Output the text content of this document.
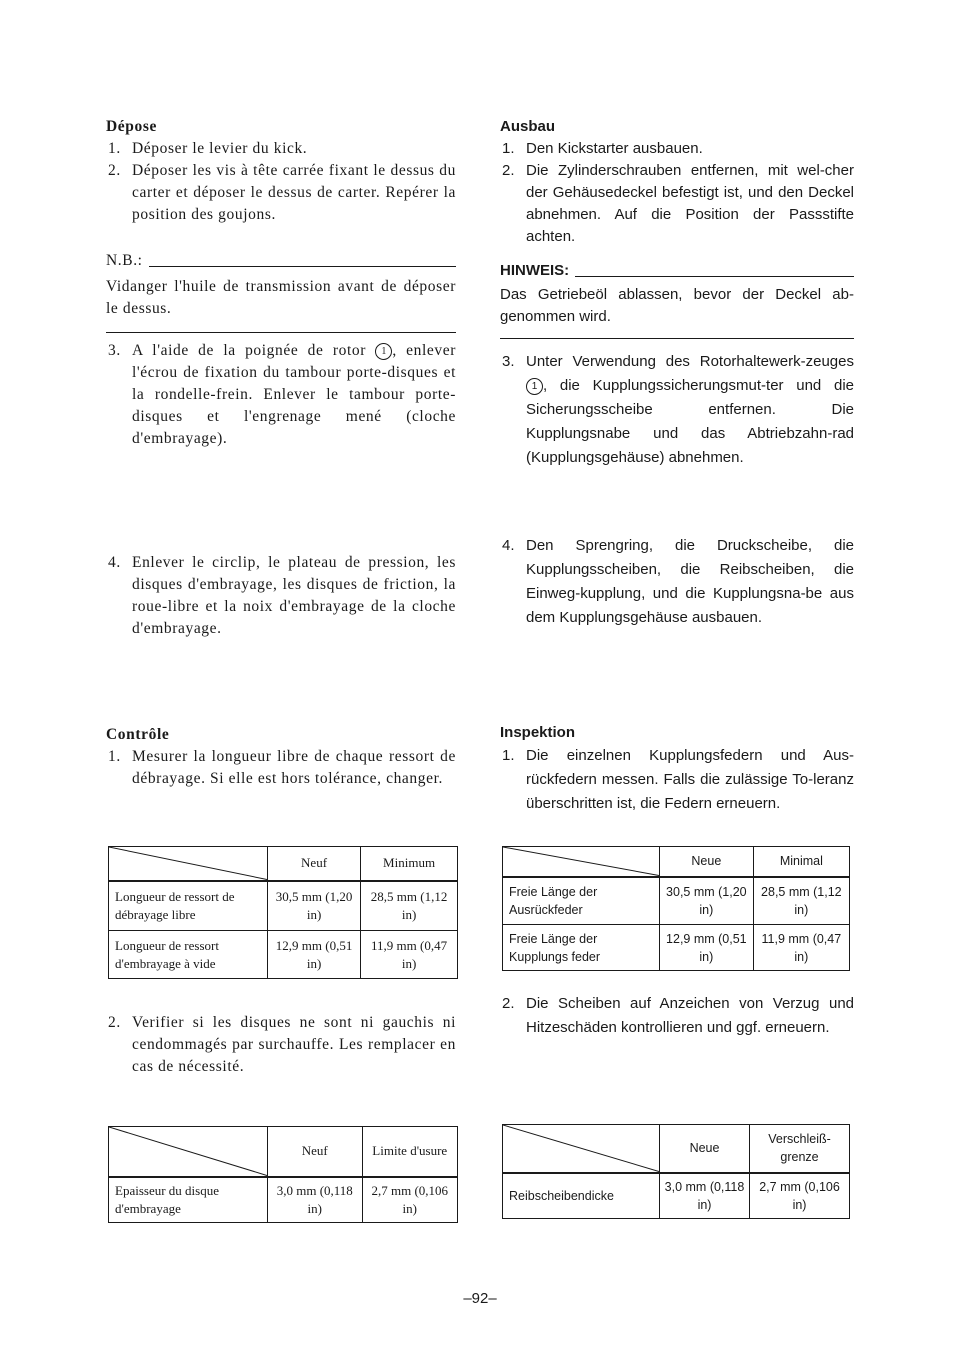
Dépose
1. Déposer le levier du kick.
2. Déposer les vis à tête carrée fixant le dessus du carter et déposer le dessus de carter. Repérer la position des goujons.
N.B.:
Vidanger l'huile de transmission avant de déposer le dessus.
3. A l'aide de la poignée de rotor 1 , enlever l'écrou de fixation du tambour porte-disques et la rondelle-frein. Enlever le tambour porte-disques et l'engrenage mené (cloche d'embrayage).
4. Enlever le circlip, le plateau de pression, les disques d'embrayage, les disques de friction, la roue-libre et la noix d'embrayage de la cloche d'embrayage.
Contrôle
1. Mesurer la longueur libre de chaque ressort de débrayage. Si elle est hors tolérance, changer.
	Neuf	Minimum
Longueur de ressort de débrayage libre	30,5 mm (1,20 in)	28,5 mm (1,12 in)
Longueur de ressort d'embrayage à vide	12,9 mm (0,51 in)	11,9 mm (0,47 in)
2. Verifier si les disques ne sont ni gauchis ni cendommagés par surchauffe. Les remplacer en cas de nécessité.
	Neuf	Limite d'usure
Epaisseur du disque d'embrayage	3,0 mm (0,118 in)	2,7 mm (0,106 in)
Ausbau
1. Den Kickstarter ausbauen.
2. Die Zylinderschrauben entfernen, mit wel-cher der Gehäusedeckel befestigt ist, und den Deckel abnehmen. Auf die Position der Passstifte achten.
HINWEIS:
Das Getriebeöl ablassen, bevor der Deckel ab-genommen wird.
3. Unter Verwendung des Rotorhaltewerk-zeuges 1 , die Kupplungssicherungsmut-ter und die Sicherungsscheibe entfernen. Die Kupplungsnabe und das Abtriebzahn-rad (Kupplungsgehäuse) abnehmen.
4. Den Sprengring, die Druckscheibe, die Kupplungsscheiben, die Reibscheiben, die Einweg-kupplung, und die Kupplungsna-be aus dem Kupplungsgehäuse ausbauen.
Inspektion
1. Die einzelnen Kupplungsfedern und Aus-rückfedern messen. Falls die zulässige To-leranz überschritten ist, die Federn erneuern.
	Neue	Minimal
Freie Länge der Ausrückfeder	30,5 mm (1,20 in)	28,5 mm (1,12 in)
Freie Länge der Kupplungs feder	12,9 mm (0,51 in)	11,9 mm (0,47 in)
2. Die Scheiben auf Anzeichen von Verzug und Hitzeschäden kontrollieren und ggf. erneuern.
	Neue	Verschleiß-grenze
Reibscheibendicke	3,0 mm (0,118 in)	2,7 mm (0,106 in)
–92–
